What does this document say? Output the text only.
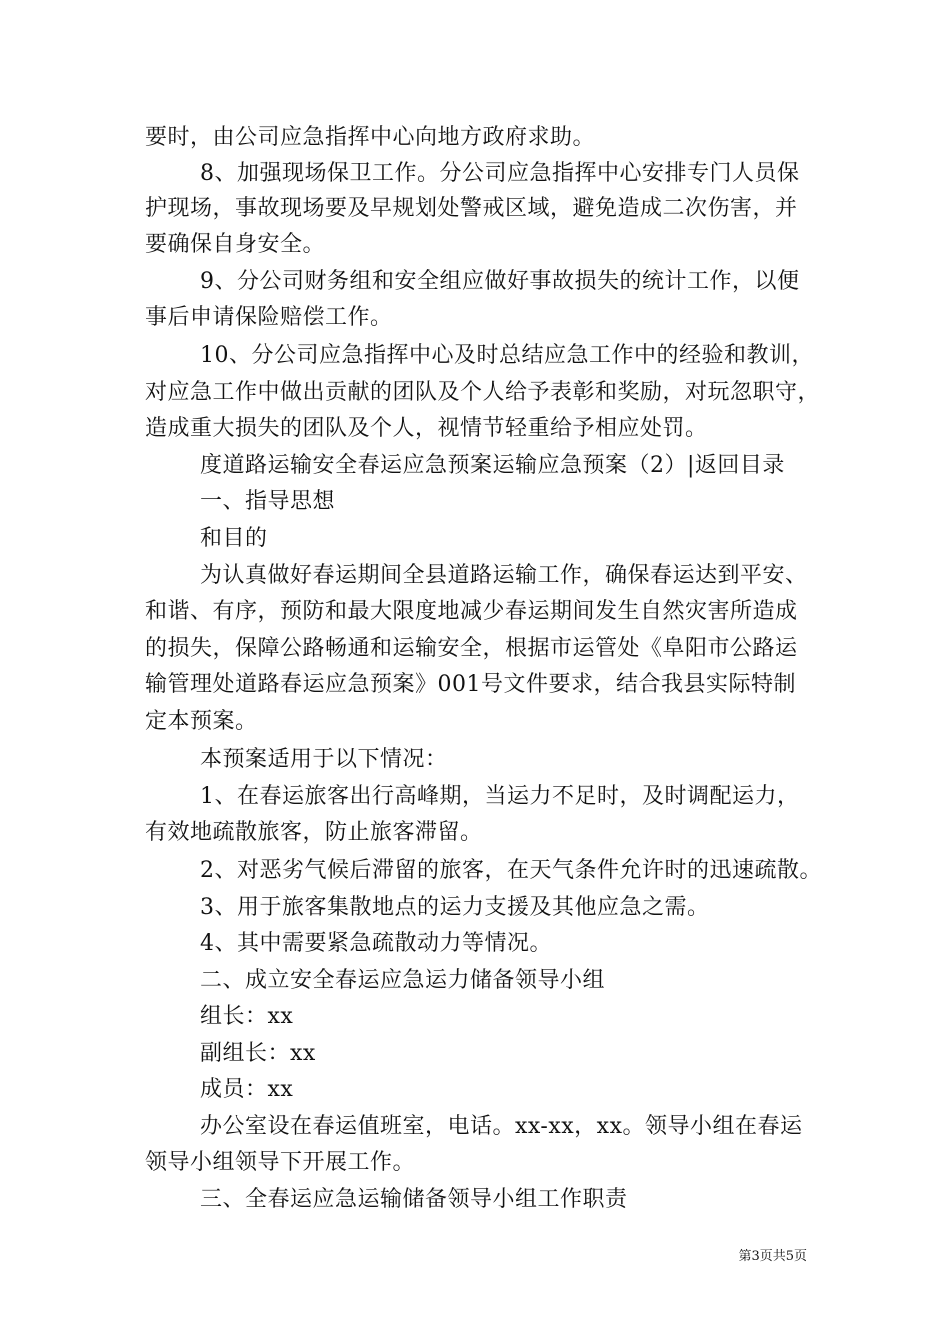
要时，由公司应急指挥中心向地方政府求助。
8、加强现场保卫工作。分公司应急指挥中心安排专门人员保
护现场，事故现场要及早规划处警戒区域，避免造成二次伤害，并
要确保自身安全。
9、分公司财务组和安全组应做好事故损失的统计工作，以便
事后申请保险赔偿工作。
10、分公司应急指挥中心及时总结应急工作中的经验和教训，
对应急工作中做出贡献的团队及个人给予表彰和奖励，对玩忽职守，
造成重大损失的团队及个人，视情节轻重给予相应处罚。
度道路运输安全春运应急预案运输应急预案（2）|返回目录
一、指导思想
和目的
为认真做好春运期间全县道路运输工作，确保春运达到平安、
和谐、有序，预防和最大限度地减少春运期间发生自然灾害所造成
的损失，保障公路畅通和运输安全，根据市运管处《阜阳市公路运
输管理处道路春运应急预案》001号文件要求，结合我县实际特制
定本预案。
本预案适用于以下情况：
1、在春运旅客出行高峰期，当运力不足时，及时调配运力，
有效地疏散旅客，防止旅客滞留。
2、对恶劣气候后滞留的旅客，在天气条件允许时的迅速疏散。
3、用于旅客集散地点的运力支援及其他应急之需。
4、其中需要紧急疏散动力等情况。
二、成立安全春运应急运力储备领导小组
组长：xx
副组长：xx
成员：xx
办公室设在春运值班室，电话。xx-xx，xx。领导小组在春运
领导小组领导下开展工作。
三、全春运应急运输储备领导小组工作职责
第3页共5页
